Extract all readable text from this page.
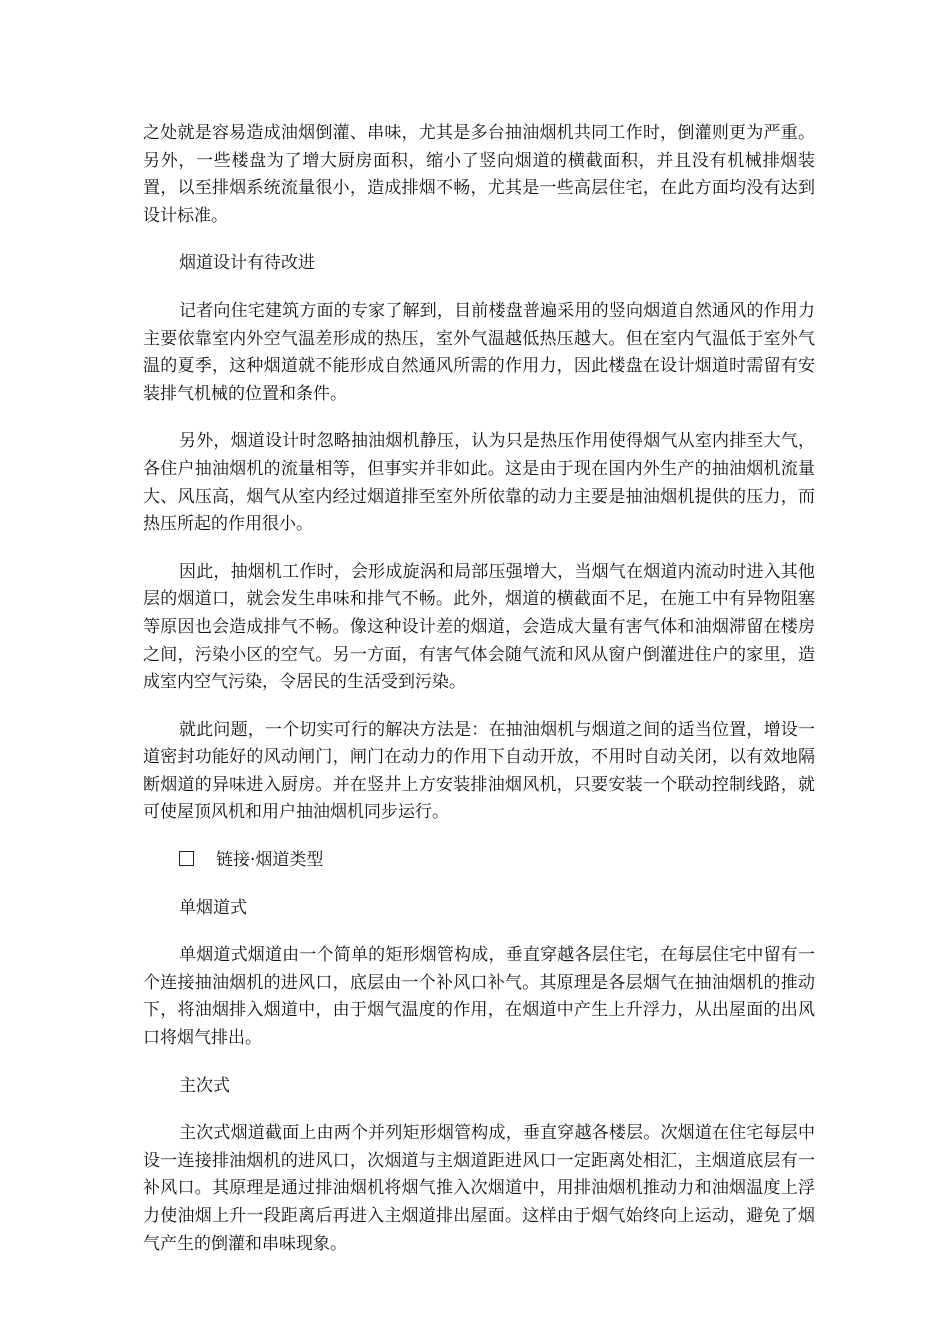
之处就是容易造成油烟倒灌、串味，尤其是多台抽油烟机共同工作时，倒灌则更为严重。另外，一些楼盘为了增大厨房面积，缩小了竖向烟道的横截面积，并且没有机械排烟装置，以至排烟系统流量很小，造成排烟不畅，尤其是一些高层住宅，在此方面均没有达到设计标准。

烟道设计有待改进

记者向住宅建筑方面的专家了解到，目前楼盘普遍采用的竖向烟道自然通风的作用力主要依靠室内外空气温差形成的热压，室外气温越低热压越大。但在室内气温低于室外气温的夏季，这种烟道就不能形成自然通风所需的作用力，因此楼盘在设计烟道时需留有安装排气机械的位置和条件。

另外，烟道设计时忽略抽油烟机静压，认为只是热压作用使得烟气从室内排至大气，各住户抽油烟机的流量相等，但事实并非如此。这是由于现在国内外生产的抽油烟机流量大、风压高，烟气从室内经过烟道排至室外所依靠的动力主要是抽油烟机提供的压力，而热压所起的作用很小。

因此，抽烟机工作时，会形成旋涡和局部压强增大，当烟气在烟道内流动时进入其他层的烟道口，就会发生串味和排气不畅。此外，烟道的横截面不足，在施工中有异物阻塞等原因也会造成排气不畅。像这种设计差的烟道，会造成大量有害气体和油烟滞留在楼房之间，污染小区的空气。另一方面，有害气体会随气流和风从窗户倒灌进住户的家里，造成室内空气污染，令居民的生活受到污染。

就此问题，一个切实可行的解决方法是：在抽油烟机与烟道之间的适当位置，增设一道密封功能好的风动闸门，闸门在动力的作用下自动开放，不用时自动关闭，以有效地隔断烟道的异味进入厨房。并在竖井上方安装排油烟风机，只要安装一个联动控制线路，就可使屋顶风机和用户抽油烟机同步运行。

链接·烟道类型

单烟道式

单烟道式烟道由一个简单的矩形烟管构成，垂直穿越各层住宅，在每层住宅中留有一个连接抽油烟机的进风口，底层由一个补风口补气。其原理是各层烟气在抽油烟机的推动下，将油烟排入烟道中，由于烟气温度的作用，在烟道中产生上升浮力，从出屋面的出风口将烟气排出。

主次式

主次式烟道截面上由两个并列矩形烟管构成，垂直穿越各楼层。次烟道在住宅每层中设一连接排油烟机的进风口，次烟道与主烟道距进风口一定距离处相汇，主烟道底层有一补风口。其原理是通过排油烟机将烟气推入次烟道中，用排油烟机推动力和油烟温度上浮力使油烟上升一段距离后再进入主烟道排出屋面。这样由于烟气始终向上运动，避免了烟气产生的倒灌和串味现象。
